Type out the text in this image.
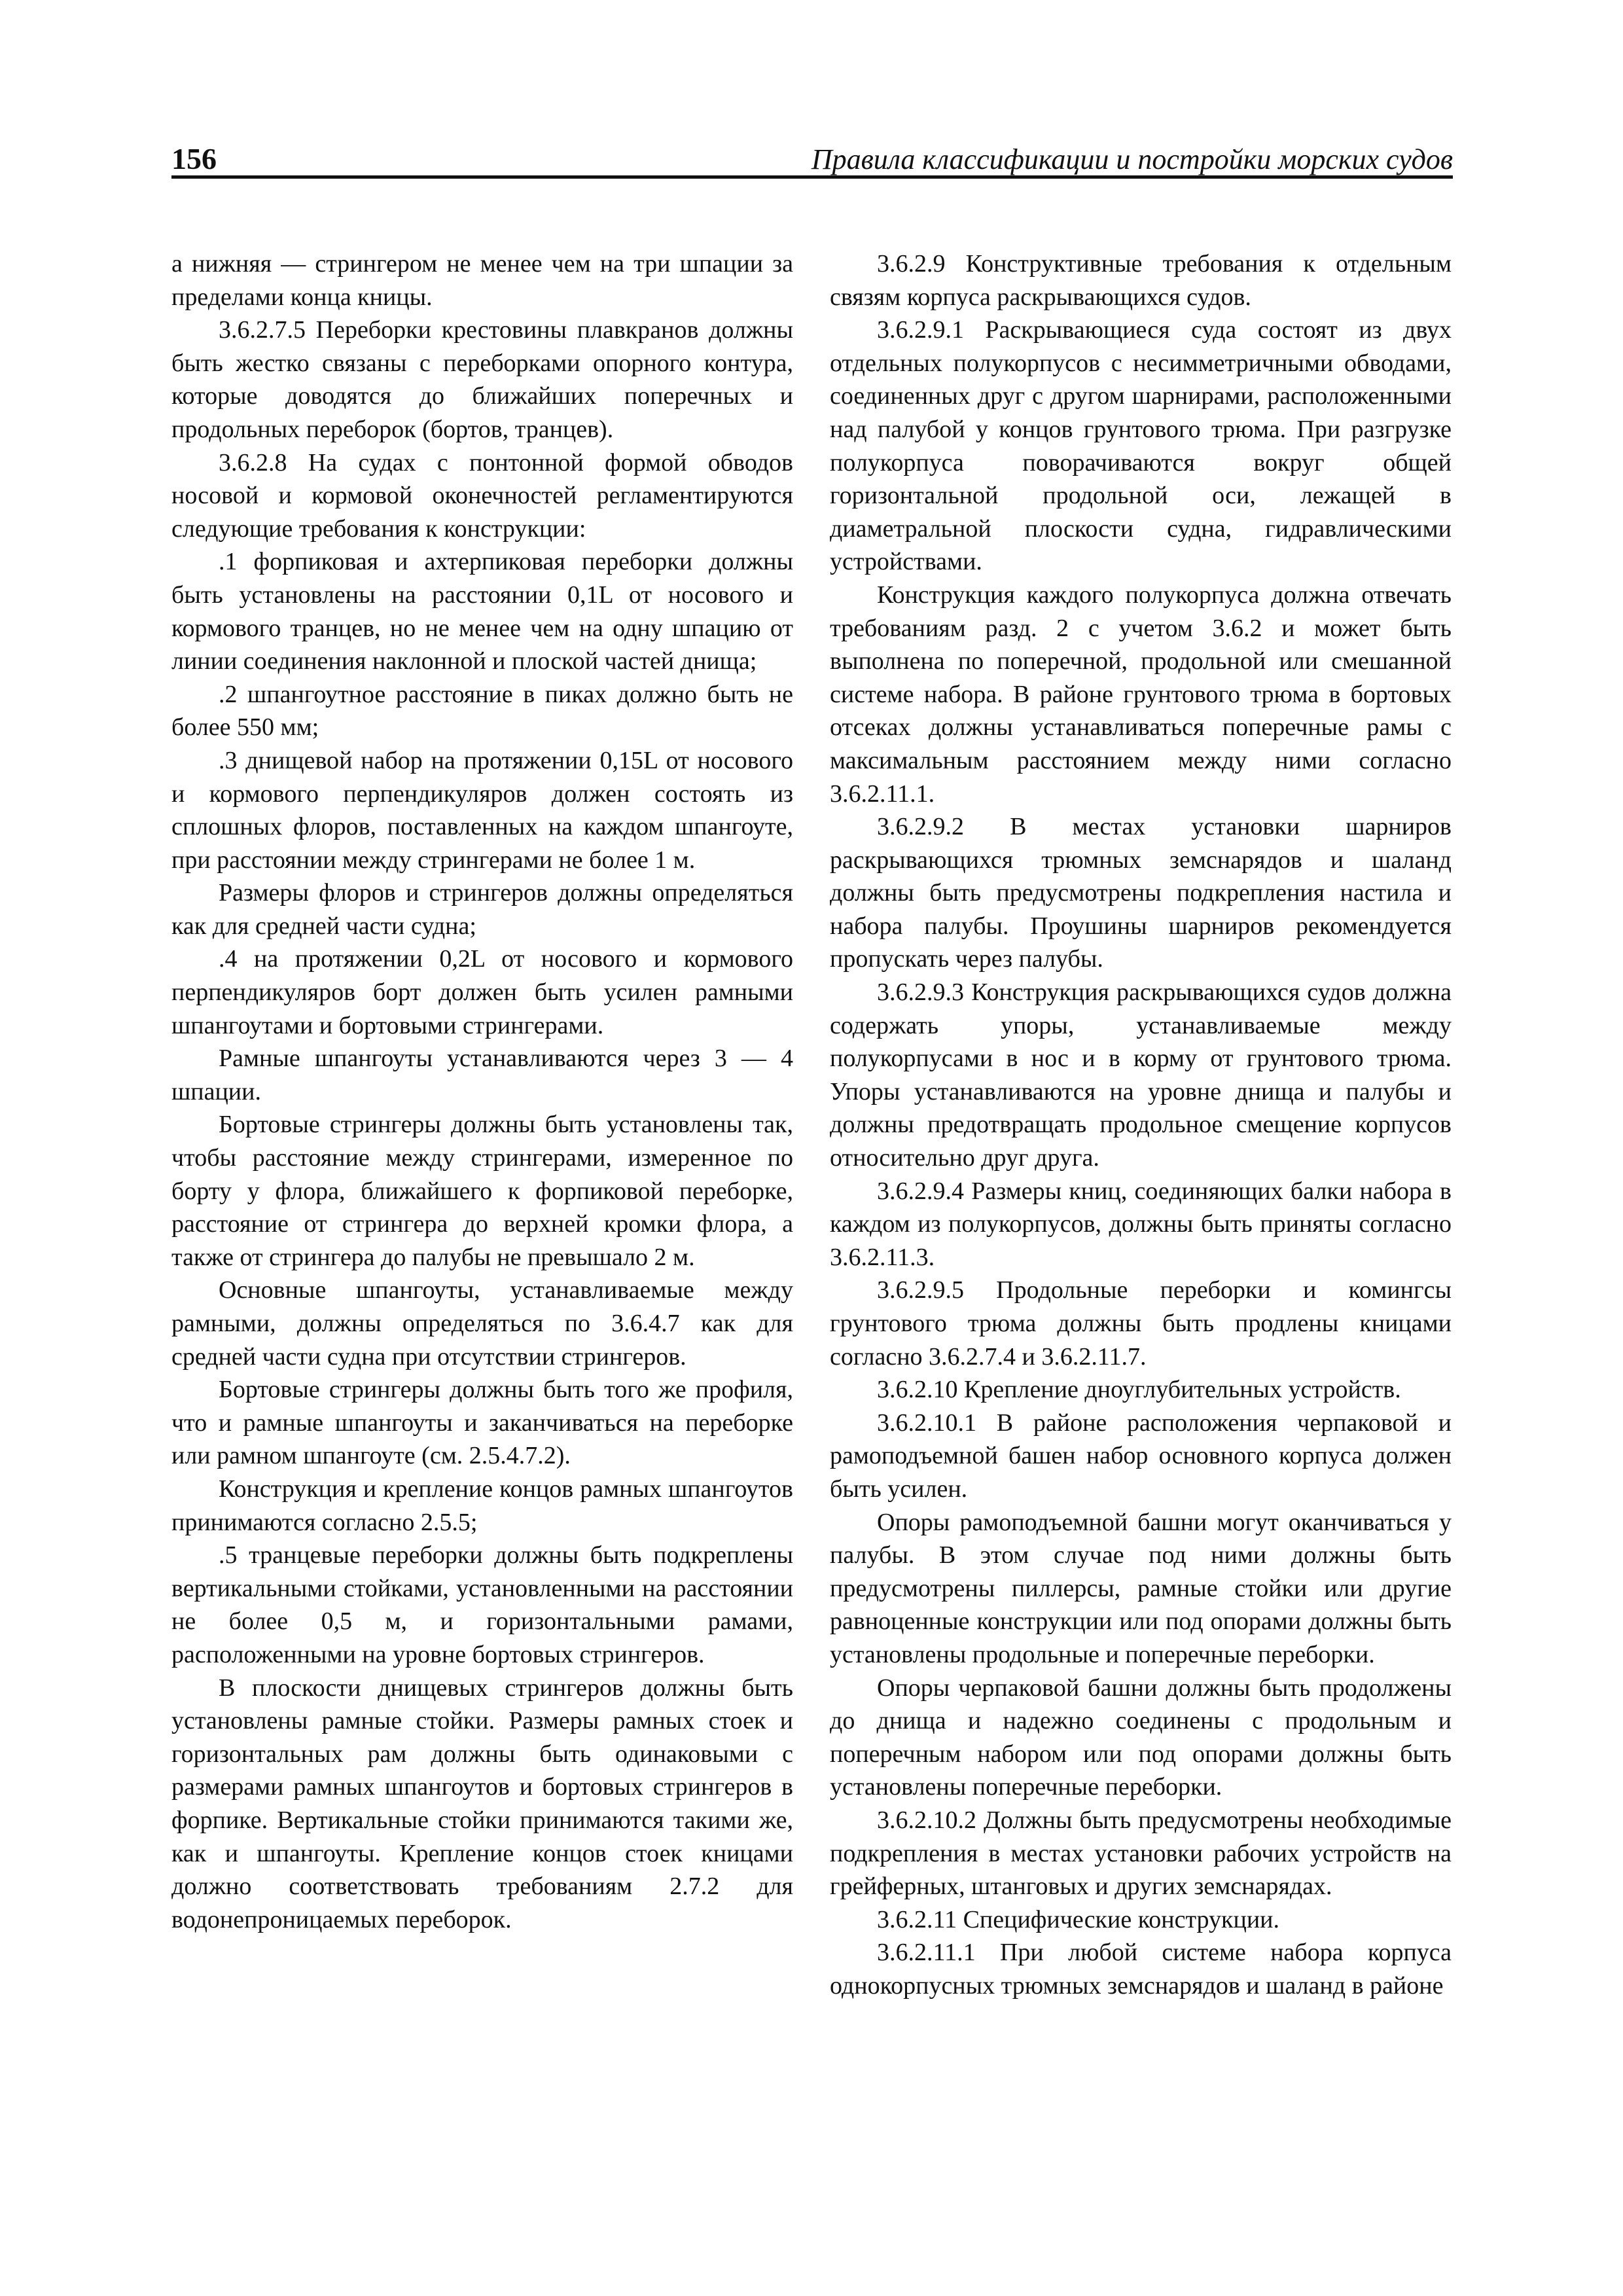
156	Правила классификации и постройки морских судов

а нижняя — стрингером не менее чем на три шпации за пределами конца кницы.

3.6.2.7.5 Переборки крестовины плавкранов должны быть жестко связаны с переборками опорного контура, которые доводятся до ближайших поперечных и продольных переборок (бортов, транцев).

3.6.2.8 На судах с понтонной формой обводов носовой и кормовой оконечностей регламентируются следующие требования к конструкции:

.1 форпиковая и ахтерпиковая переборки должны быть установлены на расстоянии 0,1L от носового и кормового транцев, но не менее чем на одну шпацию от линии соединения наклонной и плоской частей днища;

.2 шпангоутное расстояние в пиках должно быть не более 550 мм;

.3 днищевой набор на протяжении 0,15L от носового и кормового перпендикуляров должен состоять из сплошных флоров, поставленных на каждом шпангоуте, при расстоянии между стрингерами не более 1 м.

Размеры флоров и стрингеров должны определяться как для средней части судна;

.4 на протяжении 0,2L от носового и кормового перпендикуляров борт должен быть усилен рамными шпангоутами и бортовыми стрингерами.

Рамные шпангоуты устанавливаются через 3 — 4 шпации.

Бортовые стрингеры должны быть установлены так, чтобы расстояние между стрингерами, измеренное по борту у флора, ближайшего к форпиковой переборке, расстояние от стрингера до верхней кромки флора, а также от стрингера до палубы не превышало 2 м.

Основные шпангоуты, устанавливаемые между рамными, должны определяться по 3.6.4.7 как для средней части судна при отсутствии стрингеров.

Бортовые стрингеры должны быть того же профиля, что и рамные шпангоуты и заканчиваться на переборке или рамном шпангоуте (см. 2.5.4.7.2).

Конструкция и крепление концов рамных шпангоутов принимаются согласно 2.5.5;

.5 транцевые переборки должны быть подкреплены вертикальными стойками, установленными на расстоянии не более 0,5 м, и горизонтальными рамами, расположенными на уровне бортовых стрингеров.

В плоскости днищевых стрингеров должны быть установлены рамные стойки. Размеры рамных стоек и горизонтальных рам должны быть одинаковыми с размерами рамных шпангоутов и бортовых стрингеров в форпике. Вертикальные стойки принимаются такими же, как и шпангоуты. Крепление концов стоек кницами должно соответствовать требованиям 2.7.2 для водонепроницаемых переборок.

3.6.2.9 Конструктивные требования к отдельным связям корпуса раскрывающихся судов.

3.6.2.9.1 Раскрывающиеся суда состоят из двух отдельных полукорпусов с несимметричными обводами, соединенных друг с другом шарнирами, расположенными над палубой у концов грунтового трюма. При разгрузке полукорпуса поворачиваются вокруг общей горизонтальной продольной оси, лежащей в диаметральной плоскости судна, гидравлическими устройствами.

Конструкция каждого полукорпуса должна отвечать требованиям разд. 2 с учетом 3.6.2 и может быть выполнена по поперечной, продольной или смешанной системе набора. В районе грунтового трюма в бортовых отсеках должны устанавливаться поперечные рамы с максимальным расстоянием между ними согласно 3.6.2.11.1.

3.6.2.9.2 В местах установки шарниров раскрывающихся трюмных земснарядов и шаланд должны быть предусмотрены подкрепления настила и набора палубы. Проушины шарниров рекомендуется пропускать через палубы.

3.6.2.9.3 Конструкция раскрывающихся судов должна содержать упоры, устанавливаемые между полукорпусами в нос и в корму от грунтового трюма. Упоры устанавливаются на уровне днища и палубы и должны предотвращать продольное смещение корпусов относительно друг друга.

3.6.2.9.4 Размеры книц, соединяющих балки набора в каждом из полукорпусов, должны быть приняты согласно 3.6.2.11.3.

3.6.2.9.5 Продольные переборки и комингсы грунтового трюма должны быть продлены кницами согласно 3.6.2.7.4 и 3.6.2.11.7.

3.6.2.10 Крепление дноуглубительных устройств.

3.6.2.10.1 В районе расположения черпаковой и рамоподъемной башен набор основного корпуса должен быть усилен.

Опоры рамоподъемной башни могут оканчиваться у палубы. В этом случае под ними должны быть предусмотрены пиллерсы, рамные стойки или другие равноценные конструкции или под опорами должны быть установлены продольные и поперечные переборки.

Опоры черпаковой башни должны быть продолжены до днища и надежно соединены с продольным и поперечным набором или под опорами должны быть установлены поперечные переборки.

3.6.2.10.2 Должны быть предусмотрены необходимые подкрепления в местах установки рабочих устройств на грейферных, штанговых и других земснарядах.

3.6.2.11 Специфические конструкции.

3.6.2.11.1 При любой системе набора корпуса однокорпусных трюмных земснарядов и шаланд в районе
